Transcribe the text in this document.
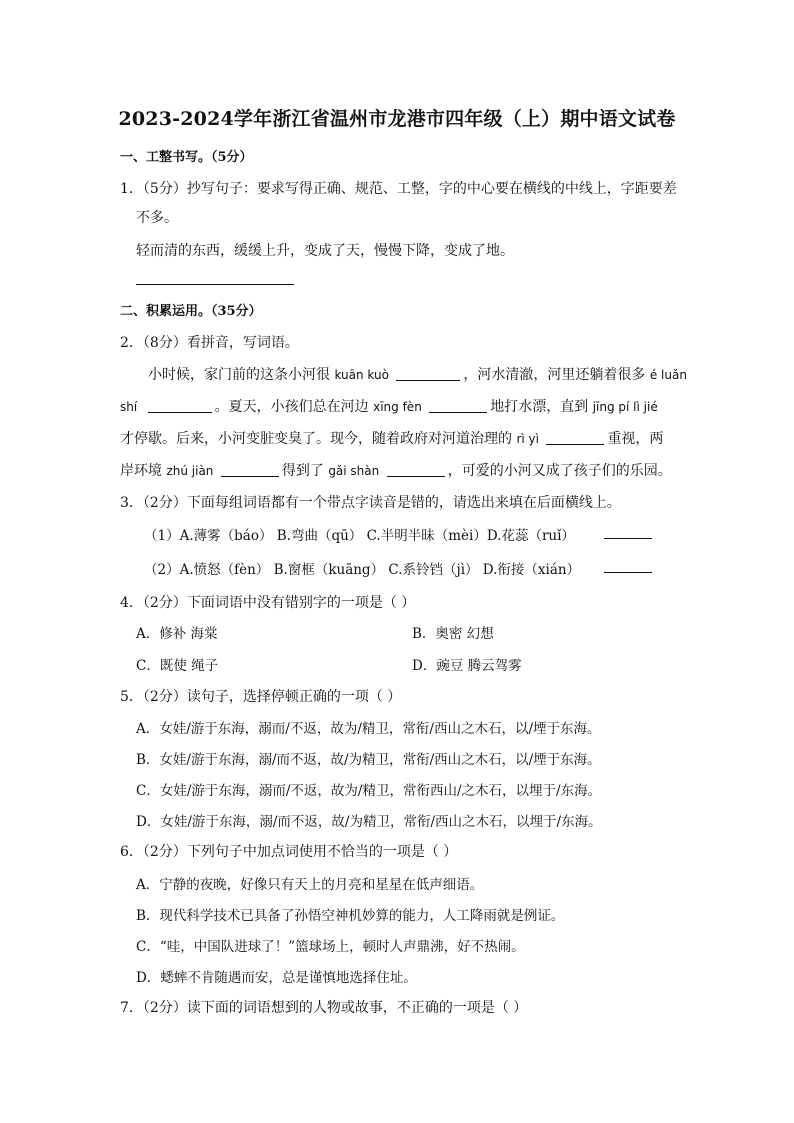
2023-2024学年浙江省温州市龙港市四年级（上）期中语文试卷
一、工整书写。（5分）
1．（5分）抄写句子：要求写得正确、规范、工整，字的中心要在横线的中线上，字距要差
不多。
轻而清的东西，缓缓上升，变成了天，慢慢下降，变成了地。
二、积累运用。（35分）
2．（8分）看拼音，写词语。
小时候，家门前的这条小河很 kuān kuò	，河水清澈，河里还躺着很多 é luǎn
shí	。夏天，小孩们总在河边 xīng fèn	地打水漂，直到 jīng pí lì jié
才停歇。后来，小河变脏变臭了。现今，随着政府对河道治理的 rì yì	重视，两
岸环境 zhú jiàn	得到了 gǎi shàn	，可爱的小河又成了孩子们的乐园。
3．（2分）下面每组词语都有一个带点字读音是错的，请选出来填在后面横线上。
（1）A.薄雾（báo） B.弯曲（qū） C.半明半昧（mèi）D.花蕊（ruǐ）
（2）A.愤怒（fèn） B.窗框（kuāng） C.系铃铛（jì） D.衔接（xián）
4．（2分）下面词语中没有错别字的一项是（ ）
A．修补 海棠	B．奥密 幻想
C．既使 绳子	D．豌豆 腾云驾雾
5．（2分）读句子，选择停顿正确的一项（ ）
A．女娃/游于东海，溺而/不返，故为/精卫，常衔/西山之木石，以/堙于东海。
B．女娃/游于东海，溺/而不返，故/为精卫，常衔/西山之木石，以/堙于东海。
C．女娃/游于东海，溺而/不返，故为/精卫，常衔西山/之木石，以埋于/东海。
D．女娃/游于东海，溺/而不返，故/为精卫，常衔/西山之木石，以埋于/东海。
6．（2分）下列句子中加点词使用不恰当的一项是（ ）
A．宁静的夜晚，好像只有天上的月亮和星星在低声细语。
B．现代科学技术已具备了孙悟空神机妙算的能力，人工降雨就是例证。
C．“哇，中国队进球了！”篮球场上，顿时人声鼎沸，好不热闹。
D．蟋蟀不肯随遇而安，总是谨慎地选择住址。
7．（2分）读下面的词语想到的人物或故事，不正确的一项是（ ）
